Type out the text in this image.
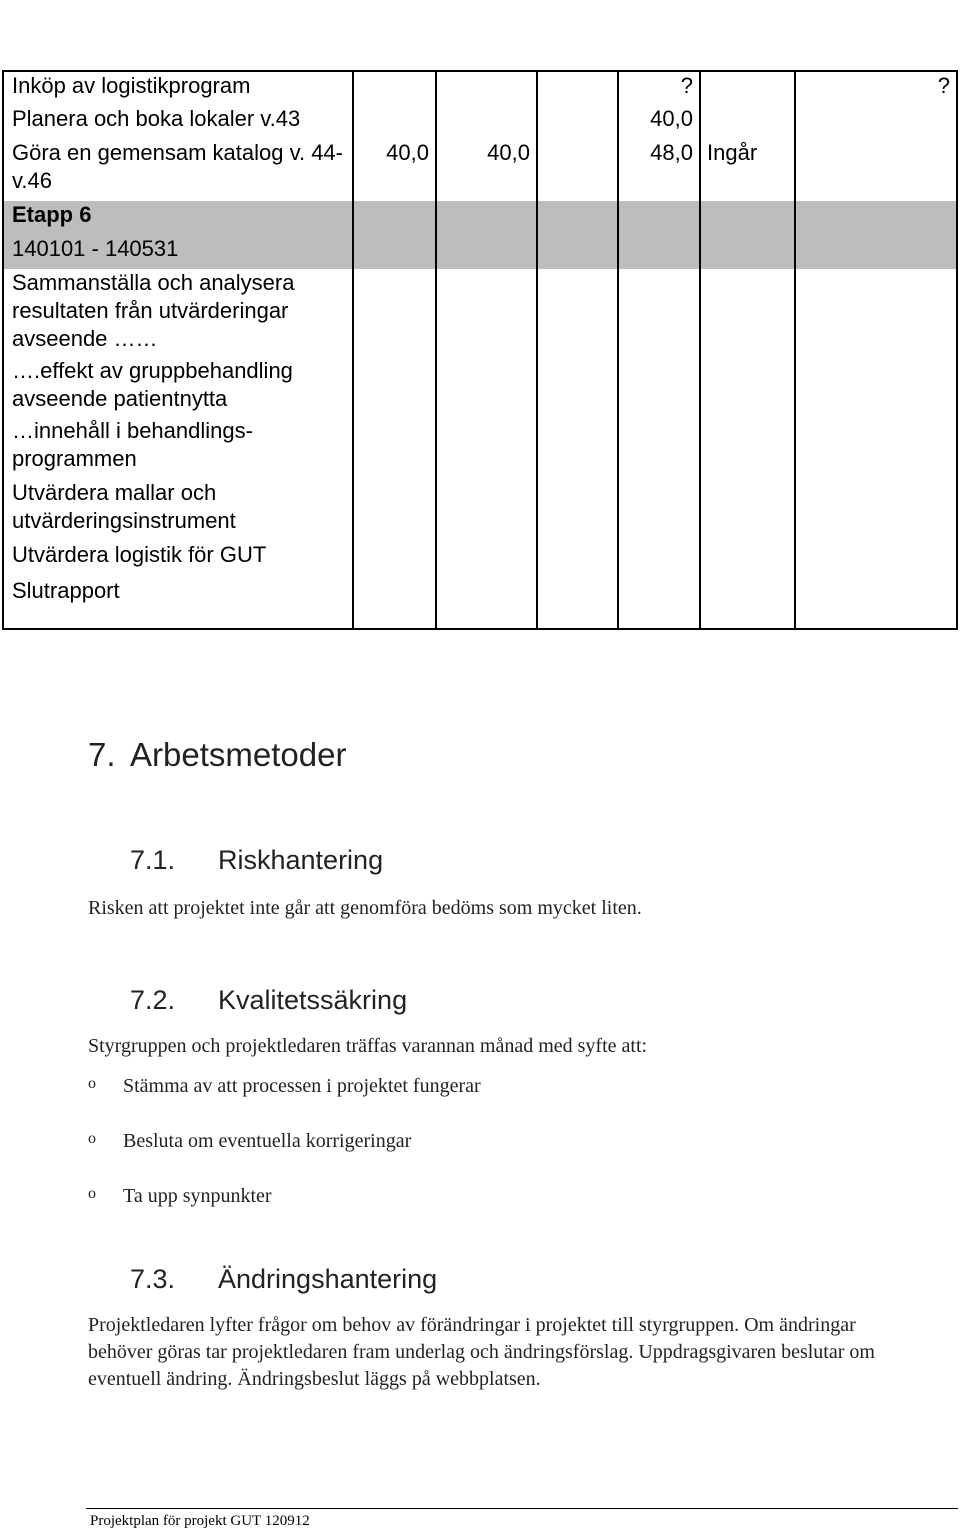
Inköp av logistikprogram				?		?
Planera och boka lokaler v.43				40,0		
Göra en gemensam katalog v. 44-v.46	40,0	40,0		48,0	Ingår	
Etapp 6						
140101 - 140531						
Sammanställa och analysera resultaten från utvärderingar avseende ……						
….effekt av gruppbehandling avseende patientnytta						
…innehåll i behandlings-programmen						
Utvärdera mallar och utvärderingsinstrument						
Utvärdera logistik för GUT						
Slutrapport						
7. Arbetsmetoder
7.1. Riskhantering
Risken att projektet inte går att genomföra bedöms som mycket liten.
7.2. Kvalitetssäkring
Styrgruppen och projektledaren träffas varannan månad med syfte att:
o Stämma av att processen i projektet fungerar
o Besluta om eventuella korrigeringar
o Ta upp synpunkter
7.3. Ändringshantering
Projektledaren lyfter frågor om behov av förändringar i projektet till styrgruppen. Om ändringar behöver göras tar projektledaren fram underlag och ändringsförslag. Uppdragsgivaren beslutar om eventuell ändring. Ändringsbeslut läggs på webbplatsen.
Projektplan för projekt GUT 120912
